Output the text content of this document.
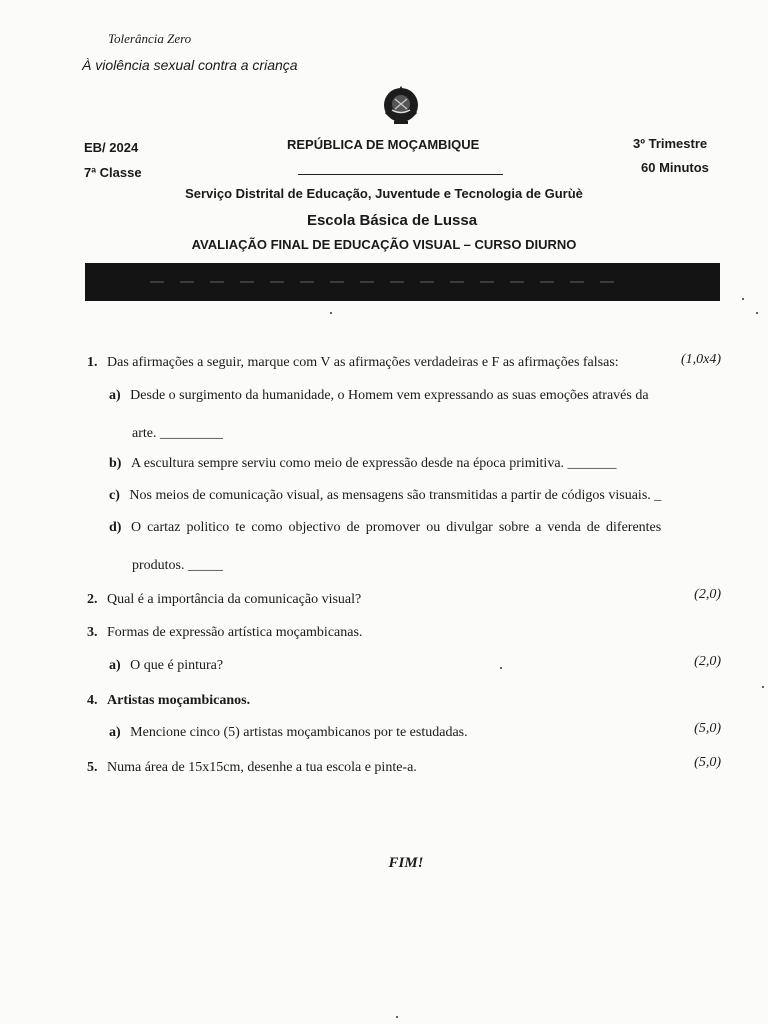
Tolerância Zero
À violência sexual contra a criança
EB/ 2024
7ª Classe
REPÚBLICA DE MOÇAMBIQUE	3º Trimestre
60 Minutos
Serviço Distrital de Educação, Juventude e Tecnologia de Gurùè
Escola Básica de Lussa
AVALIAÇÃO FINAL DE EDUCAÇÃO VISUAL – CURSO DIURNO
1. Das afirmações a seguir, marque com V as afirmações verdadeiras e F as afirmações falsas:	(1,0x4)
a) Desde o surgimento da humanidade, o Homem vem expressando as suas emoções através da
arte. _________
b) A escultura sempre serviu como meio de expressão desde na época primitiva. _______
c) Nos meios de comunicação visual, as mensagens são transmitidas a partir de códigos visuais. _
d) O cartaz politico te como objectivo de promover ou divulgar sobre a venda de diferentes
produtos. _____
2. Qual é a importância da comunicação visual?	(2,0)
3. Formas de expressão artística moçambicanas.
a) O que é pintura?	(2,0)
4. Artistas moçambicanos.
a) Mencione cinco (5) artistas moçambicanos por te estudadas.	(5,0)
5. Numa área de 15x15cm, desenhe a tua escola e pinte-a.	(5,0)
FIM!
